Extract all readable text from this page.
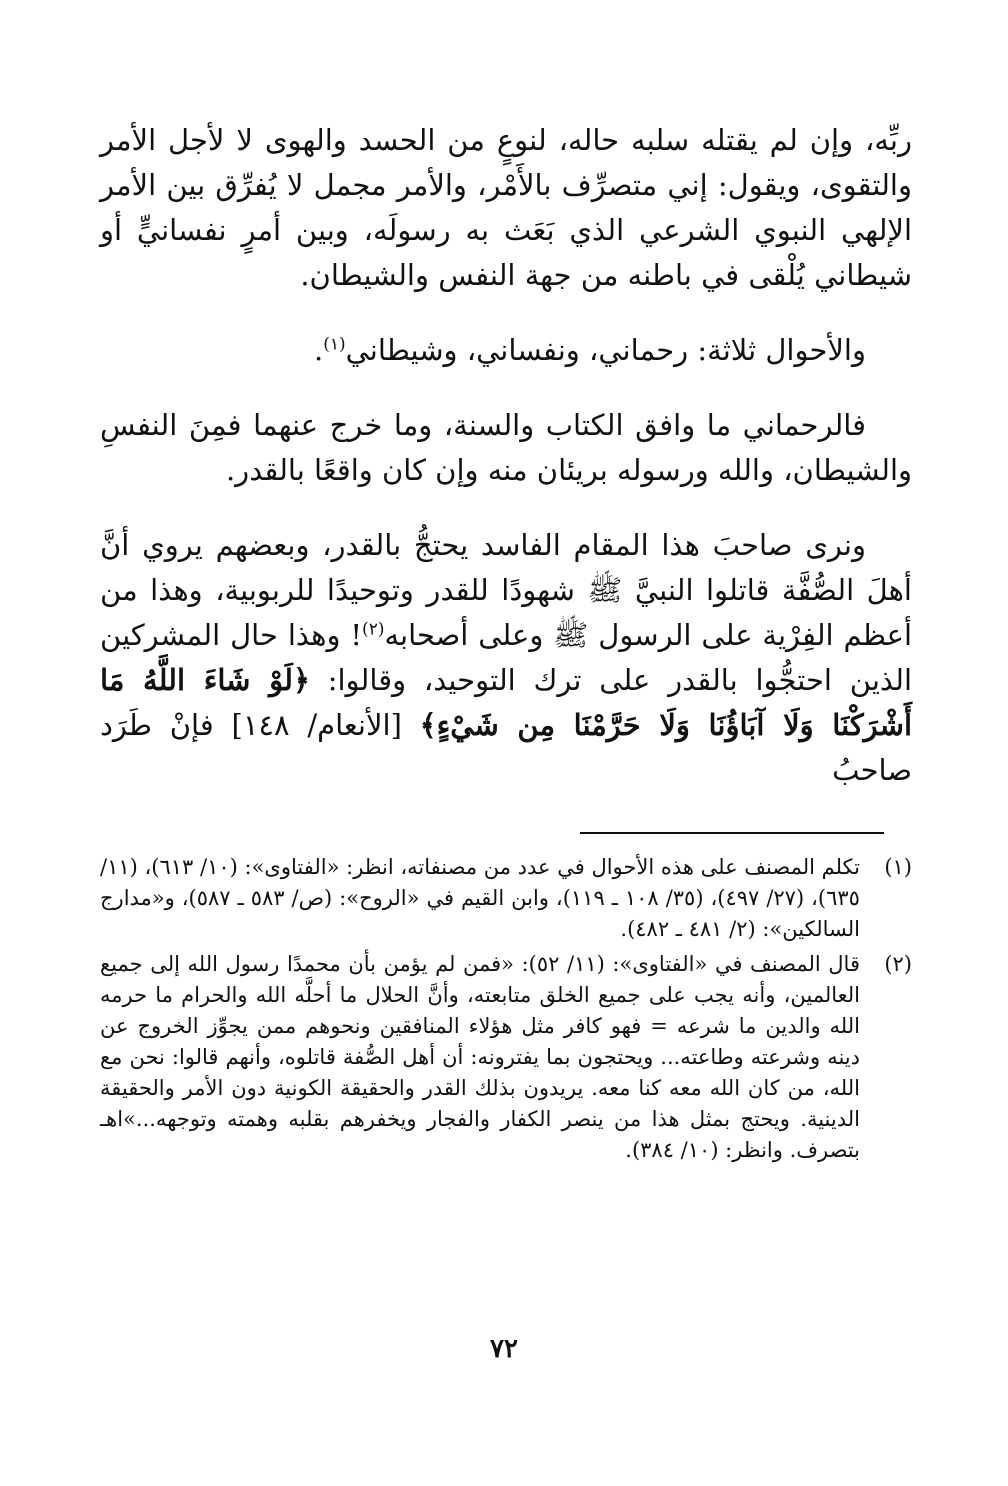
ربِّه، وإن لم يقتله سلبه حاله، لنوعٍ من الحسد والهوى لا لأجل الأمر والتقوى، ويقول: إني متصرِّف بالأَمْر، والأمر مجمل لا يُفرِّق بين الأمر الإلهي النبوي الشرعي الذي بَعَث به رسولَه، وبين أمرٍ نفسانيٍّ أو شيطاني يُلْقى في باطنه من جهة النفس والشيطان.

والأحوال ثلاثة: رحماني، ونفساني، وشيطاني$^{(١)}$.

فالرحماني ما وافق الكتاب والسنة، وما خرج عنهما فمِنَ النفسِ والشيطان، والله ورسوله بريئان منه وإن كان واقعًا بالقدر.

ونرى صاحبَ هذا المقام الفاسد يحتجُّ بالقدر، وبعضهم يروي أنَّ أهلَ الصُّفَّة قاتلوا النبيَّ ﷺ شهودًا للقدر وتوحيدًا للربوبية، وهذا من أعظم الفِرْية على الرسول ﷺ وعلى أصحابه$^{(٢)}$! وهذا حال المشركين الذين احتجُّوا بالقدر على ترك التوحيد، وقالوا: ﴿لَوْ شَاءَ اللَّهُ مَا أَشْرَكْنَا وَلَا آبَاؤُنَا وَلَا حَرَّمْنَا مِن شَيْءٍ﴾ [الأنعام/ ١٤٨] فإنْ طَرَد صاحبُ

(١)
تكلم المصنف على هذه الأحوال في عدد من مصنفاته، انظر: «الفتاوى»: (١٠/ ٦١٣)، (١١/ ٦٣٥)، (٢٧/ ٤٩٧)، (٣٥/ ١٠٨ ـ ١١٩)، وابن القيم في «الروح»: (ص/ ٥٨٣ ـ ٥٨٧)، و«مدارج السالكين»: (٢/ ٤٨١ ـ ٤٨٢).
(٢)
قال المصنف في «الفتاوى»: (١١/ ٥٢): «فمن لم يؤمن بأن محمدًا رسول الله إلى جميع العالمين، وأنه يجب على جميع الخلق متابعته، وأنَّ الحلال ما أحلَّه الله والحرام ما حرمه الله والدين ما شرعه = فهو كافر مثل هؤلاء المنافقين ونحوهم ممن يجوِّز الخروج عن دينه وشرعته وطاعته... ويحتجون بما يفترونه: أن أهل الصُّفة قاتلوه، وأنهم قالوا: نحن مع الله، من كان الله معه كنا معه. يريدون بذلك القدر والحقيقة الكونية دون الأمر والحقيقة الدينية. ويحتج بمثل هذا من ينصر الكفار والفجار ويخفرهم بقلبه وهمته وتوجهه...»اهـ بتصرف. وانظر: (١٠/ ٣٨٤).
٧٢
